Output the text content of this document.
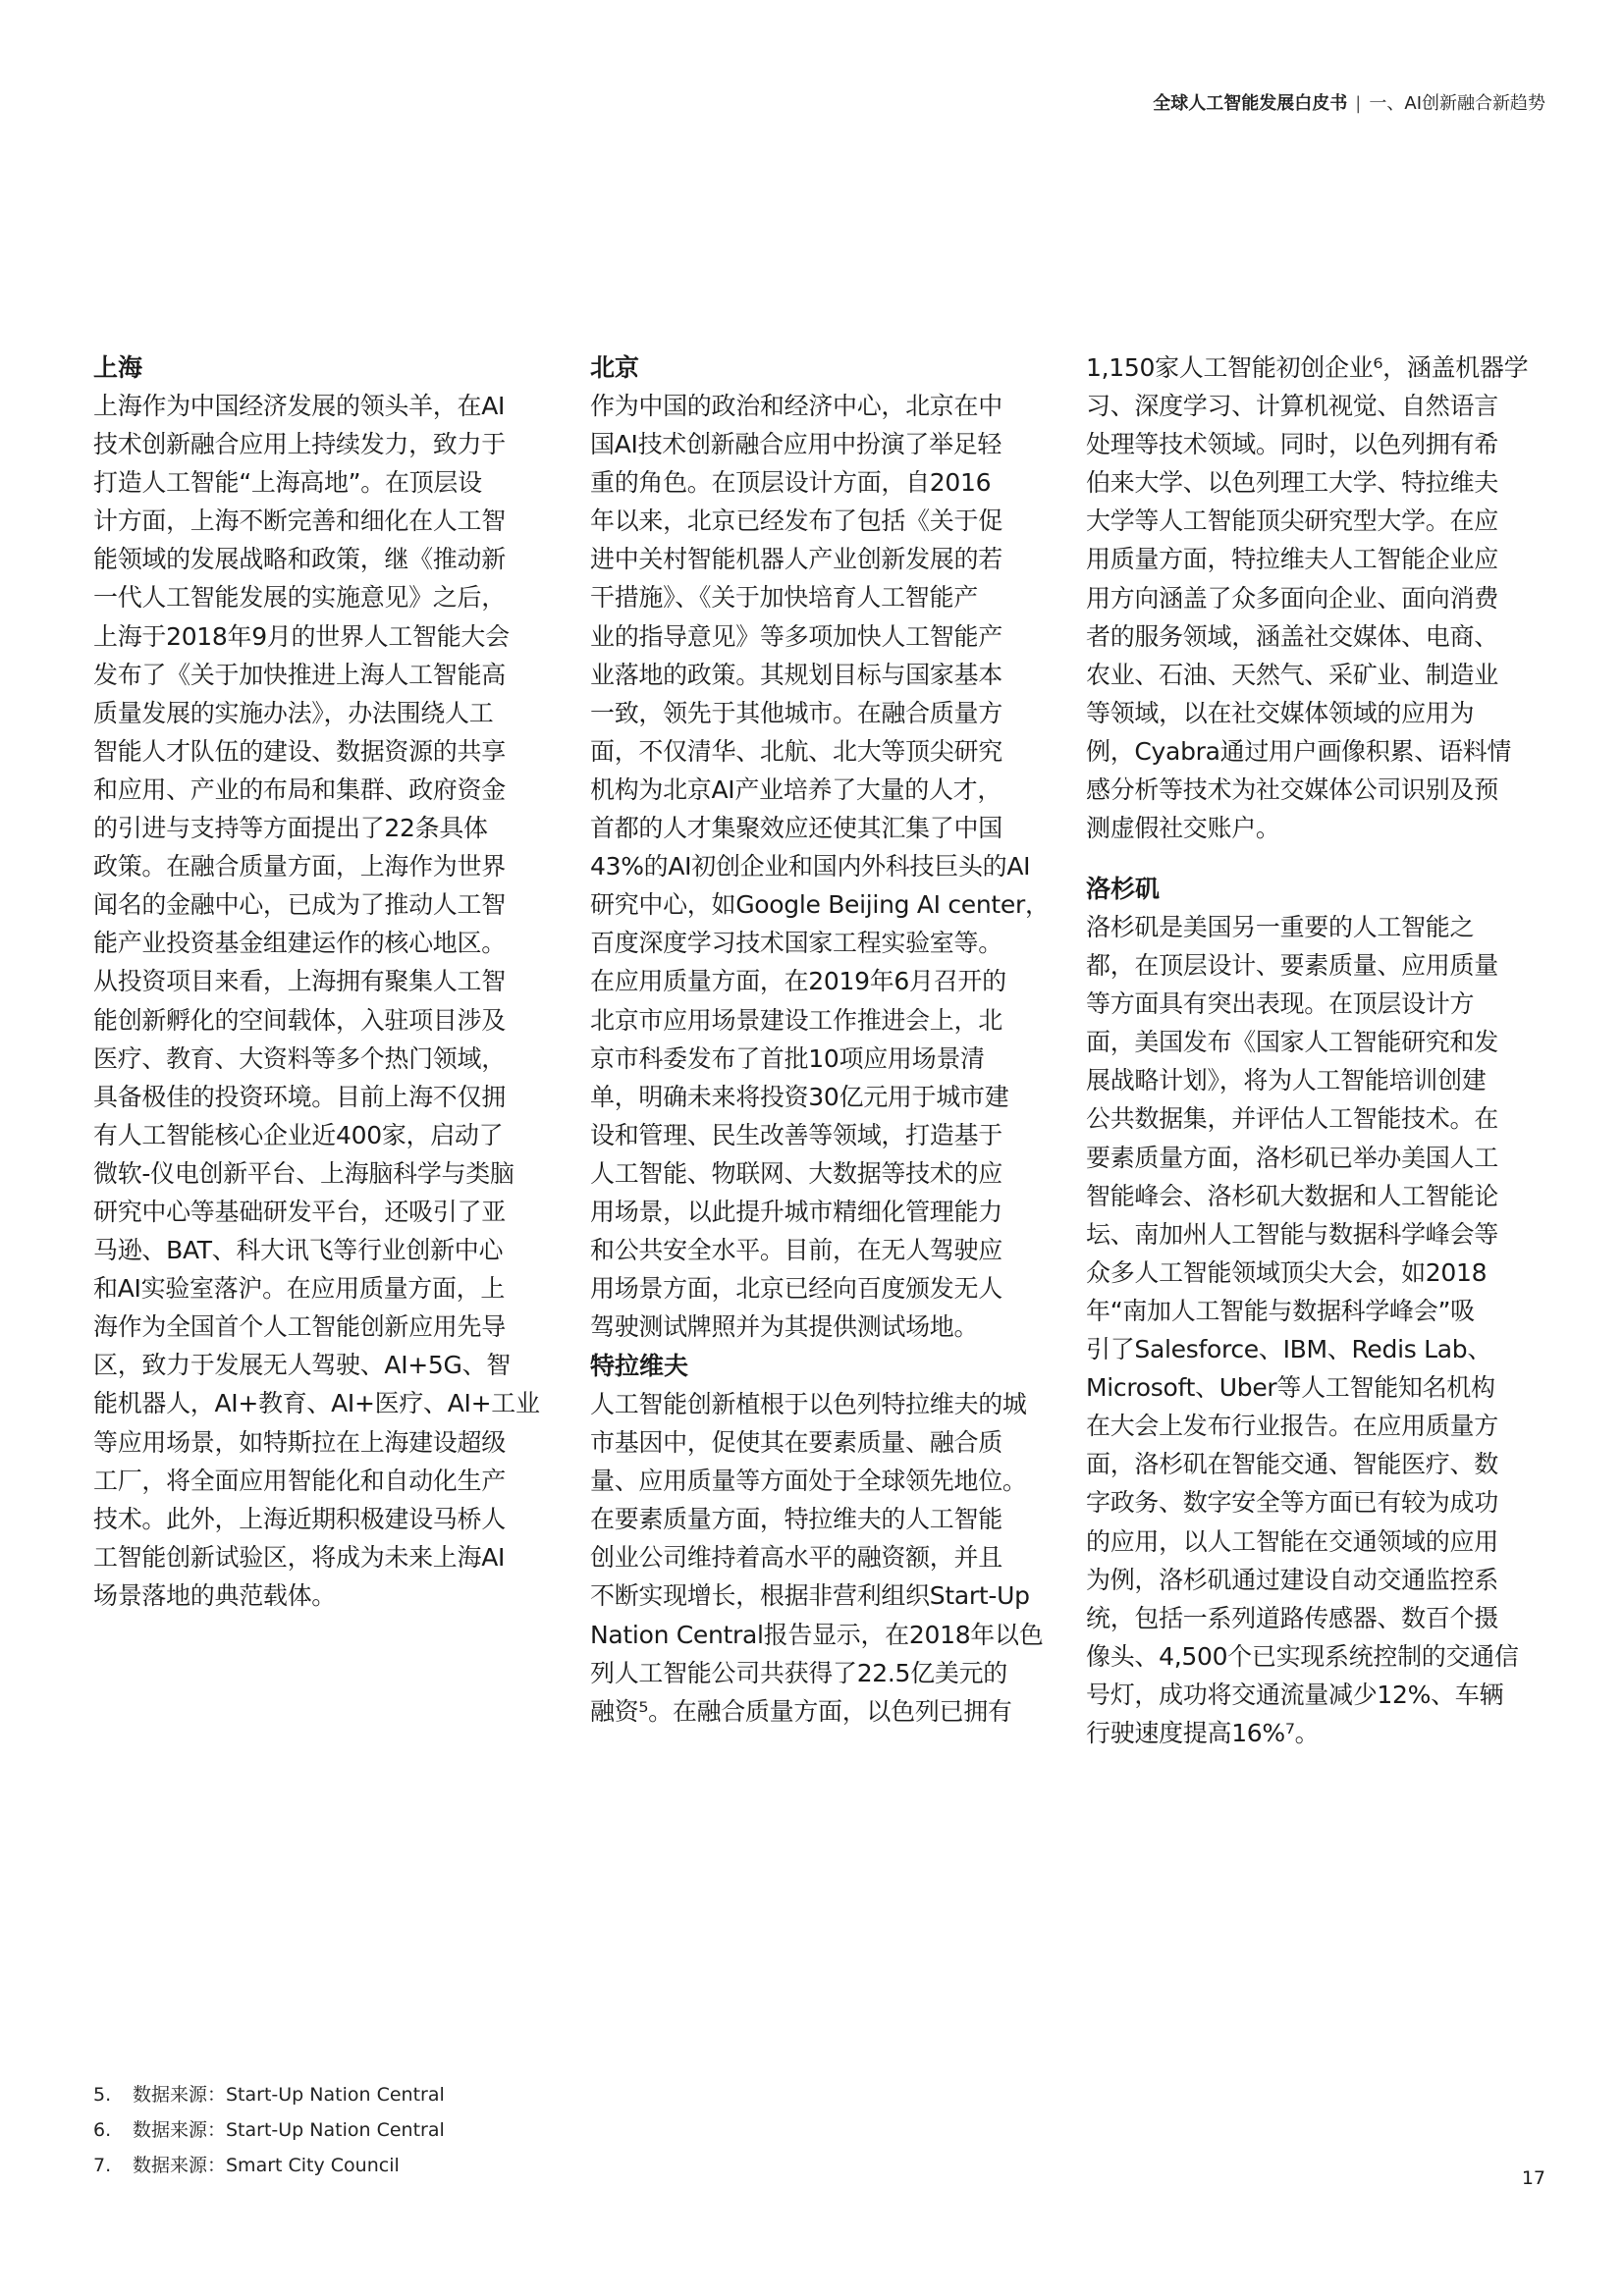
全球人工智能发展白皮书 | 一、AI创新融合新趋势
上海
上海作为中国经济发展的领头羊，在AI
技术创新融合应用上持续发力，致力于
打造人工智能“上海高地”。在顶层设
计方面，上海不断完善和细化在人工智
能领域的发展战略和政策，继《推动新
一代人工智能发展的实施意见》之后，
上海于2018年9月的世界人工智能大会
发布了《关于加快推进上海人工智能高
质量发展的实施办法》，办法围绕人工
智能人才队伍的建设、数据资源的共享
和应用、产业的布局和集群、政府资金
的引进与支持等方面提出了22条具体
政策。在融合质量方面，上海作为世界
闻名的金融中心，已成为了推动人工智
能产业投资基金组建运作的核心地区。
从投资项目来看，上海拥有聚集人工智
能创新孵化的空间载体，入驻项目涉及
医疗、教育、大资料等多个热门领域，
具备极佳的投资环境。目前上海不仅拥
有人工智能核心企业近400家，启动了
微软-仪电创新平台、上海脑科学与类脑
研究中心等基础研发平台，还吸引了亚
马逊、BAT、科大讯飞等行业创新中心
和AI实验室落沪。在应用质量方面，上
海作为全国首个人工智能创新应用先导
区，致力于发展无人驾驶、AI+5G、智
能机器人，AI+教育、AI+医疗、AI+工业
等应用场景，如特斯拉在上海建设超级
工厂，将全面应用智能化和自动化生产
技术。此外，上海近期积极建设马桥人
工智能创新试验区，将成为未来上海AI
场景落地的典范载体。
北京
作为中国的政治和经济中心，北京在中
国AI技术创新融合应用中扮演了举足轻
重的角色。在顶层设计方面，自2016
年以来，北京已经发布了包括《关于促
进中关村智能机器人产业创新发展的若
干措施》、《关于加快培育人工智能产
业的指导意见》等多项加快人工智能产
业落地的政策。其规划目标与国家基本
一致，领先于其他城市。在融合质量方
面，不仅清华、北航、北大等顶尖研究
机构为北京AI产业培养了大量的人才，
首都的人才集聚效应还使其汇集了中国
43%的AI初创企业和国内外科技巨头的AI
研究中心，如Google Beijing AI center，
百度深度学习技术国家工程实验室等。
在应用质量方面，在2019年6月召开的
北京市应用场景建设工作推进会上，北
京市科委发布了首批10项应用场景清
单，明确未来将投资30亿元用于城市建
设和管理、民生改善等领域，打造基于
人工智能、物联网、大数据等技术的应
用场景，以此提升城市精细化管理能力
和公共安全水平。目前，在无人驾驶应
用场景方面，北京已经向百度颁发无人
驾驶测试牌照并为其提供测试场地。
特拉维夫
人工智能创新植根于以色列特拉维夫的城
市基因中，促使其在要素质量、融合质
量、应用质量等方面处于全球领先地位。
在要素质量方面，特拉维夫的人工智能
创业公司维持着高水平的融资额，并且
不断实现增长，根据非营利组织Start-Up
Nation Central报告显示，在2018年以色
列人工智能公司共获得了22.5亿美元的
融资⁵。在融合质量方面，以色列已拥有
1,150家人工智能初创企业⁶，涵盖机器学
习、深度学习、计算机视觉、自然语言
处理等技术领域。同时，以色列拥有希
伯来大学、以色列理工大学、特拉维夫
大学等人工智能顶尖研究型大学。在应
用质量方面，特拉维夫人工智能企业应
用方向涵盖了众多面向企业、面向消费
者的服务领域，涵盖社交媒体、电商、
农业、石油、天然气、采矿业、制造业
等领域，以在社交媒体领域的应用为
例，Cyabra通过用户画像积累、语料情
感分析等技术为社交媒体公司识别及预
测虚假社交账户。
洛杉矶
洛杉矶是美国另一重要的人工智能之
都，在顶层设计、要素质量、应用质量
等方面具有突出表现。在顶层设计方
面，美国发布《国家人工智能研究和发
展战略计划》，将为人工智能培训创建
公共数据集，并评估人工智能技术。在
要素质量方面，洛杉矶已举办美国人工
智能峰会、洛杉矶大数据和人工智能论
坛、南加州人工智能与数据科学峰会等
众多人工智能领域顶尖大会，如2018
年“南加人工智能与数据科学峰会”吸
引了Salesforce、IBM、Redis Lab、
Microsoft、Uber等人工智能知名机构
在大会上发布行业报告。在应用质量方
面，洛杉矶在智能交通、智能医疗、数
字政务、数字安全等方面已有较为成功
的应用，以人工智能在交通领域的应用
为例，洛杉矶通过建设自动交通监控系
统，包括一系列道路传感器、数百个摄
像头、4,500个已实现系统控制的交通信
号灯，成功将交通流量减少12%、车辆
行驶速度提高16%⁷。
5. 数据来源：Start-Up Nation Central
6. 数据来源：Start-Up Nation Central
7. 数据来源：Smart City Council
17
